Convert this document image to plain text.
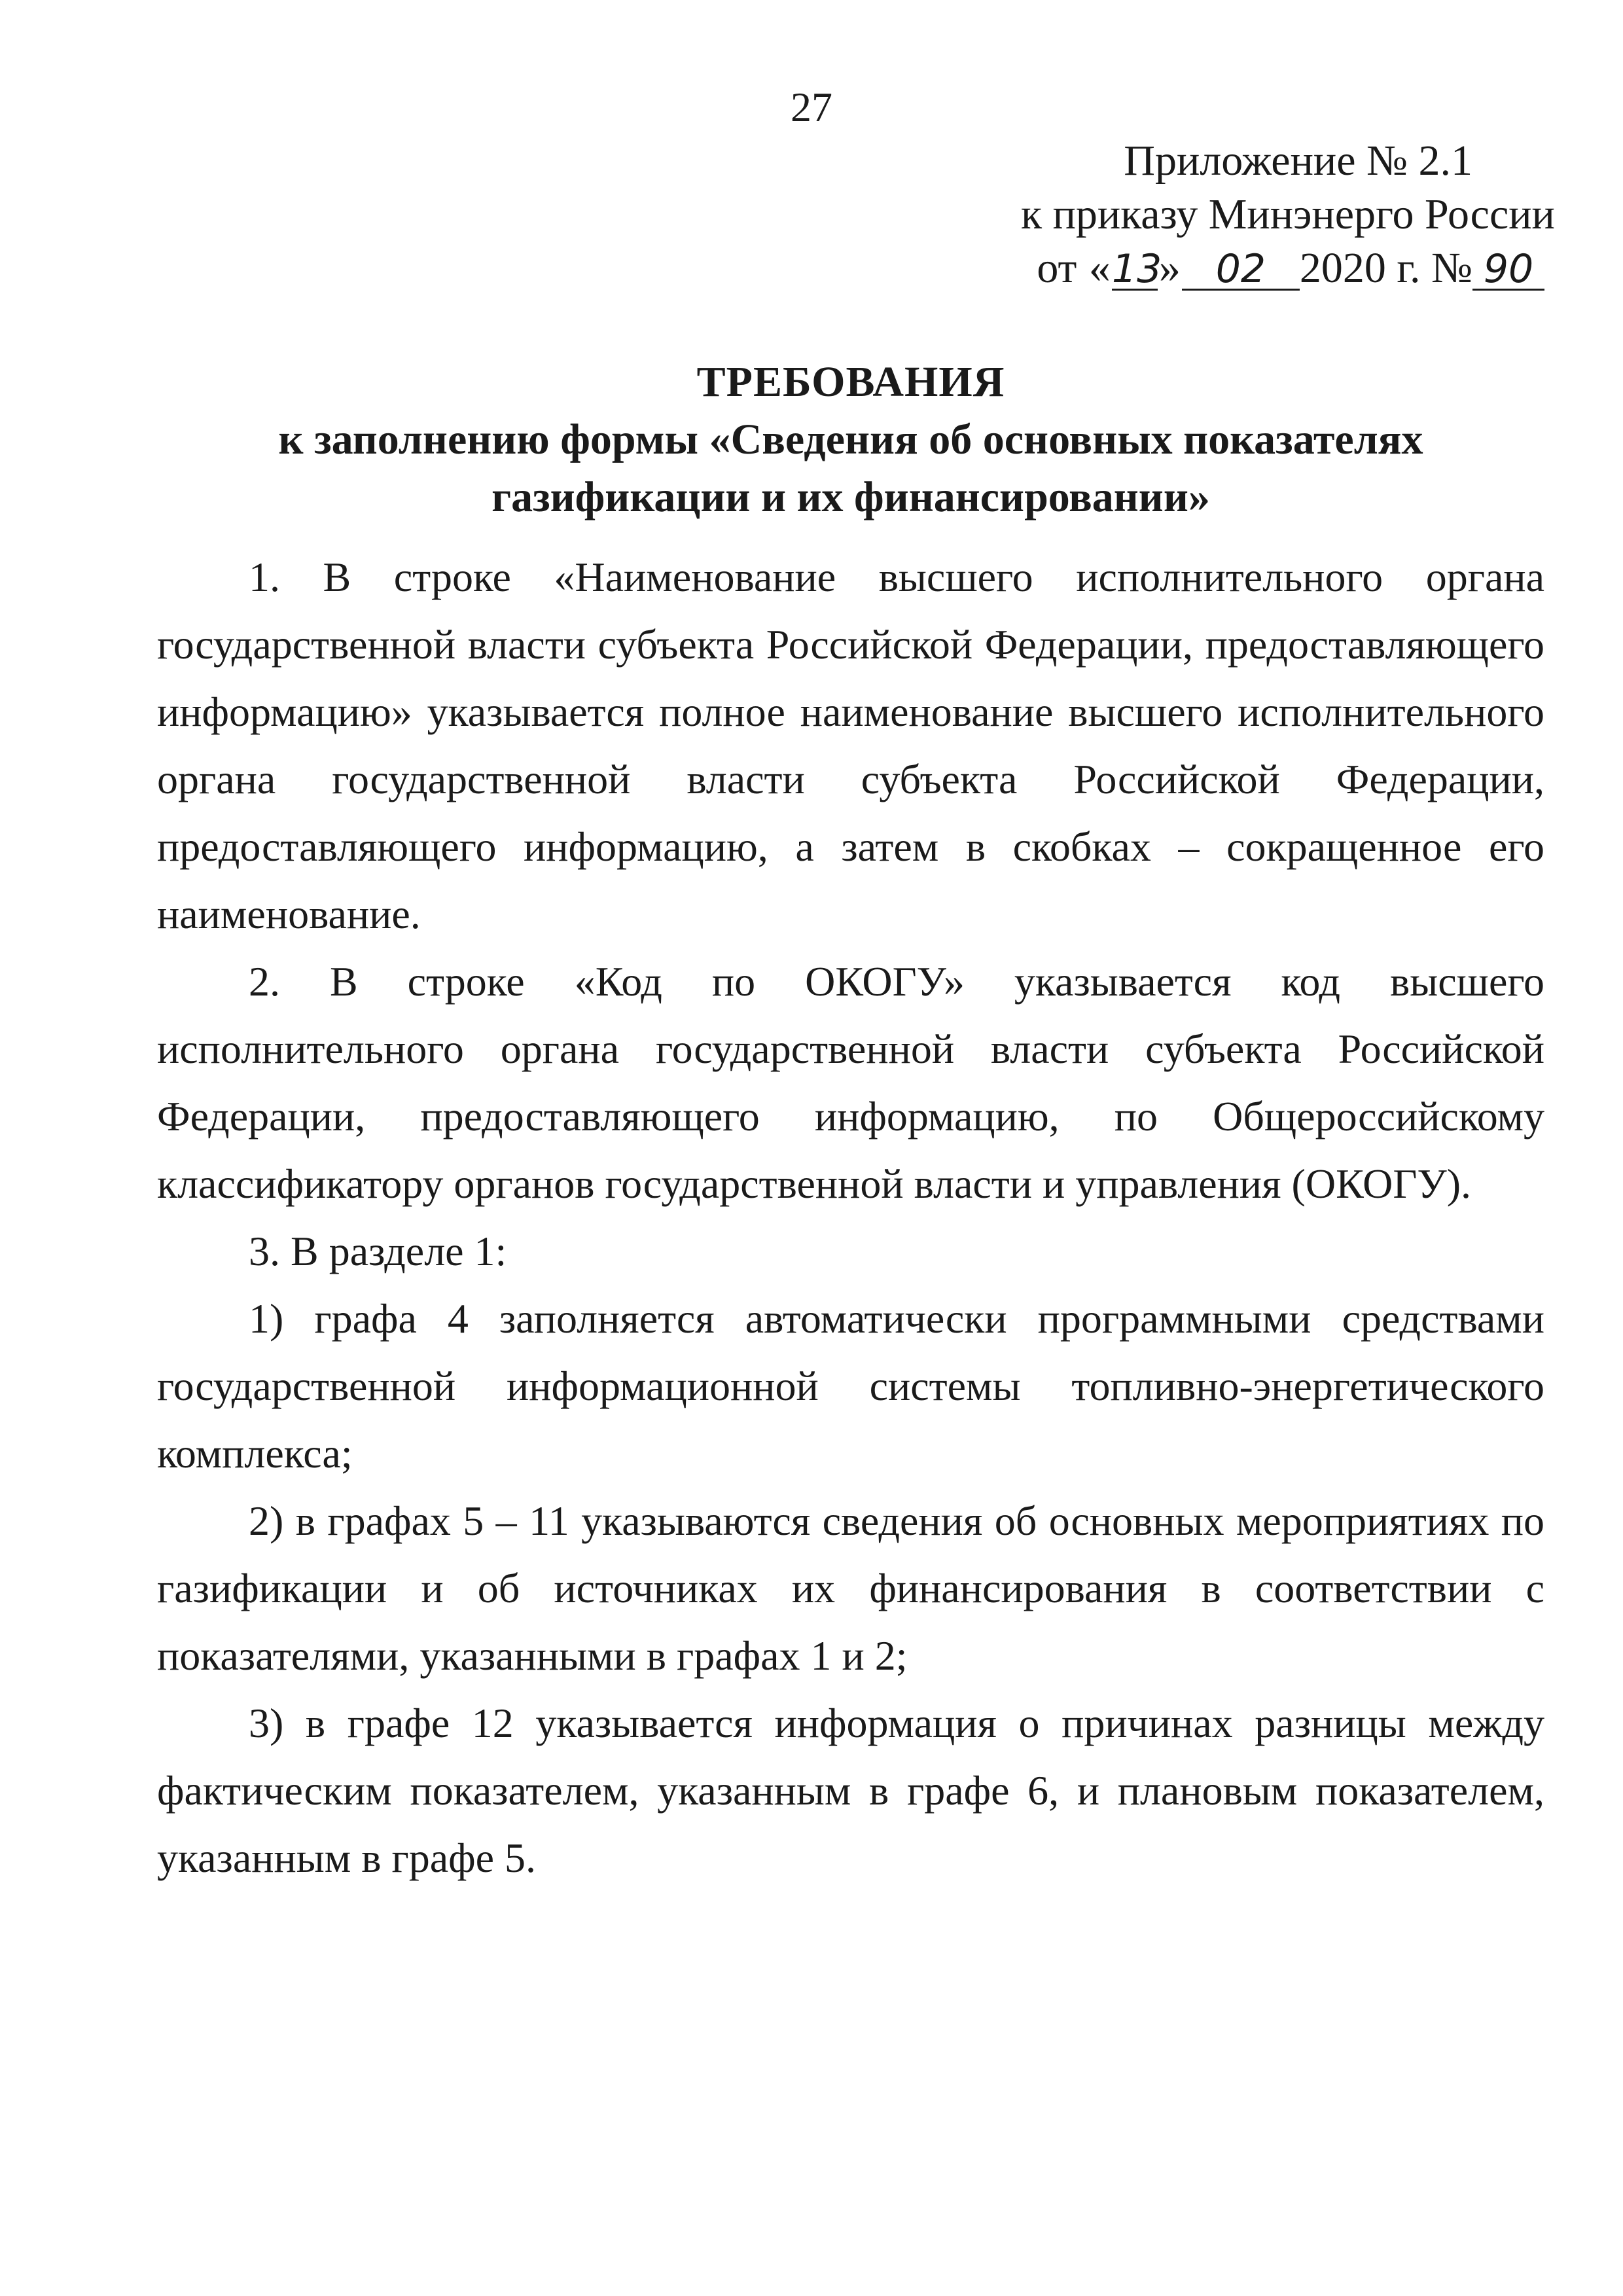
27
Приложение № 2.1
к приказу Минэнерго России
от «13» 02 2020 г. № 90
ТРЕБОВАНИЯ
к заполнению формы «Сведения об основных показателях газификации и их финансировании»

1. В строке «Наименование высшего исполнительного органа государственной власти субъекта Российской Федерации, предоставляющего информацию» указывается полное наименование высшего исполнительного органа государственной власти субъекта Российской Федерации, предоставляющего информацию, а затем в скобках – сокращенное его наименование.

2. В строке «Код по ОКОГУ» указывается код высшего исполнительного органа государственной власти субъекта Российской Федерации, предоставляющего информацию, по Общероссийскому классификатору органов государственной власти и управления (ОКОГУ).

3. В разделе 1:

1) графа 4 заполняется автоматически программными средствами государственной информационной системы топливно-энергетического комплекса;

2) в графах 5 – 11 указываются сведения об основных мероприятиях по газификации и об источниках их финансирования в соответствии с показателями, указанными в графах 1 и 2;

3) в графе 12 указывается информация о причинах разницы между фактическим показателем, указанным в графе 6, и плановым показателем, указанным в графе 5.
